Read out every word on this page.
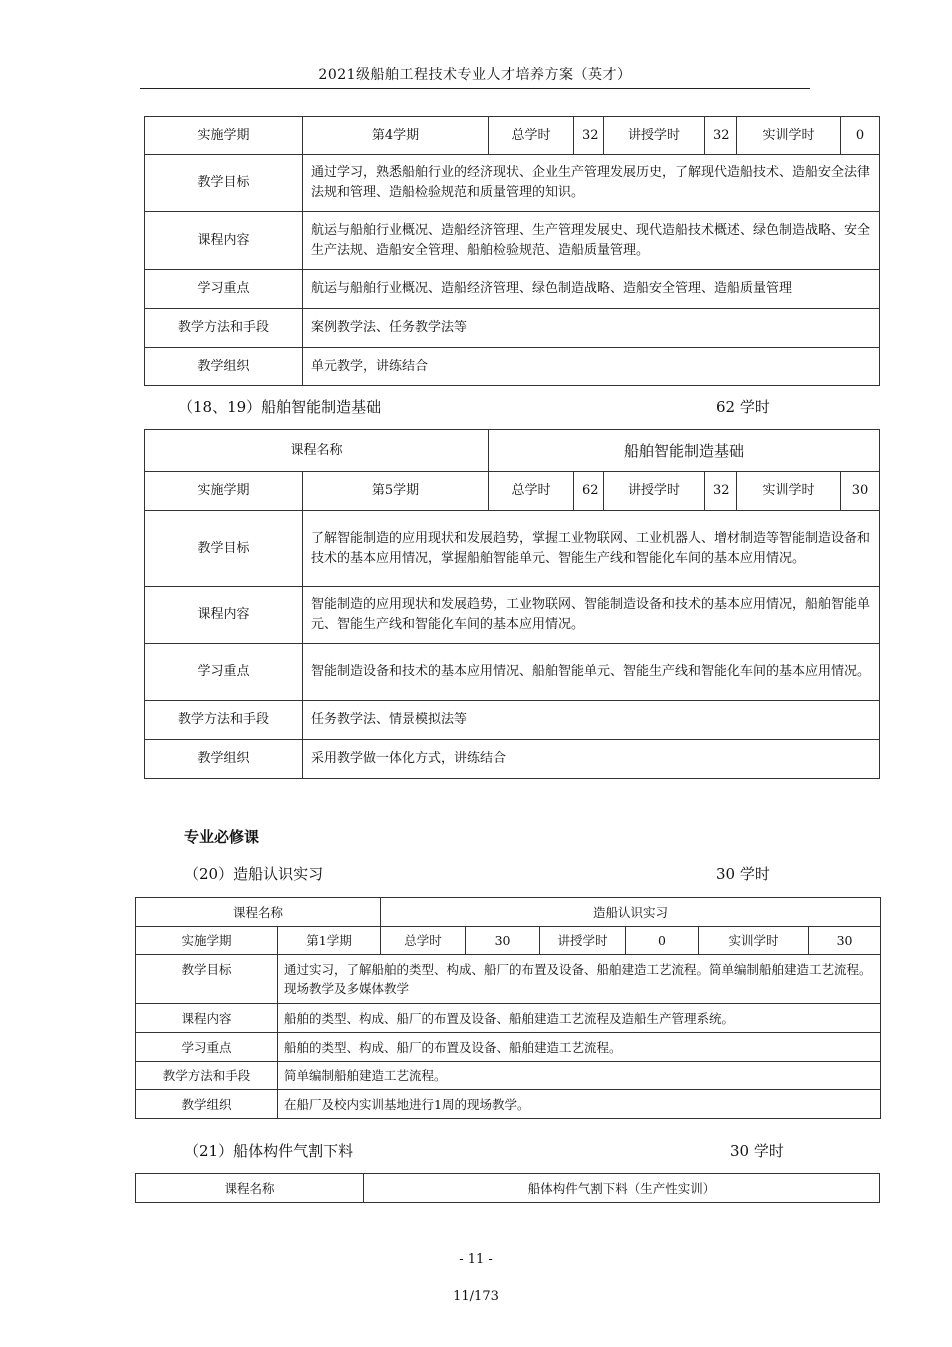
2021级船舶工程技术专业人才培养方案（英才）
实施学期	第4学期	总学时	32	讲授学时	32	实训学时	0
教学目标	通过学习，熟悉船舶行业的经济现状、企业生产管理发展历史，了解现代造船技术、造船安全法律法规和管理、造船检验规范和质量管理的知识。						
课程内容	航运与船舶行业概况、造船经济管理、生产管理发展史、现代造船技术概述、绿色制造战略、安全生产法规、造船安全管理、船舶检验规范、造船质量管理。						
学习重点	航运与船舶行业概况、造船经济管理、绿色制造战略、造船安全管理、造船质量管理						
教学方法和手段	案例教学法、任务教学法等						
教学组织	单元教学，讲练结合						
（18、19）船舶智能制造基础	62 学时
课程名称		船舶智能制造基础					
实施学期	第5学期	总学时	62	讲授学时	32	实训学时	30
教学目标	了解智能制造的应用现状和发展趋势，掌握工业物联网、工业机器人、增材制造等智能制造设备和技术的基本应用情况，掌握船舶智能单元、智能生产线和智能化车间的基本应用情况。						
课程内容	智能制造的应用现状和发展趋势，工业物联网、智能制造设备和技术的基本应用情况，船舶智能单元、智能生产线和智能化车间的基本应用情况。						
学习重点	智能制造设备和技术的基本应用情况、船舶智能单元、智能生产线和智能化车间的基本应用情况。						
教学方法和手段	任务教学法、情景模拟法等						
教学组织	采用教学做一体化方式，讲练结合						
专业必修课
（20）造船认识实习	30 学时
课程名称		造船认识实习					
实施学期	第1学期	总学时	30	讲授学时	0	实训学时	30
教学目标	通过实习，了解船舶的类型、构成、船厂的布置及设备、船舶建造工艺流程。简单编制船舶建造工艺流程。现场教学及多媒体教学						
课程内容	船舶的类型、构成、船厂的布置及设备、船舶建造工艺流程及造船生产管理系统。						
学习重点	船舶的类型、构成、船厂的布置及设备、船舶建造工艺流程。						
教学方法和手段	简单编制船舶建造工艺流程。						
教学组织	在船厂及校内实训基地进行1周的现场教学。						
（21）船体构件气割下料	30 学时
课程名称	船体构件气割下料（生产性实训）
- 11 -
11/173
